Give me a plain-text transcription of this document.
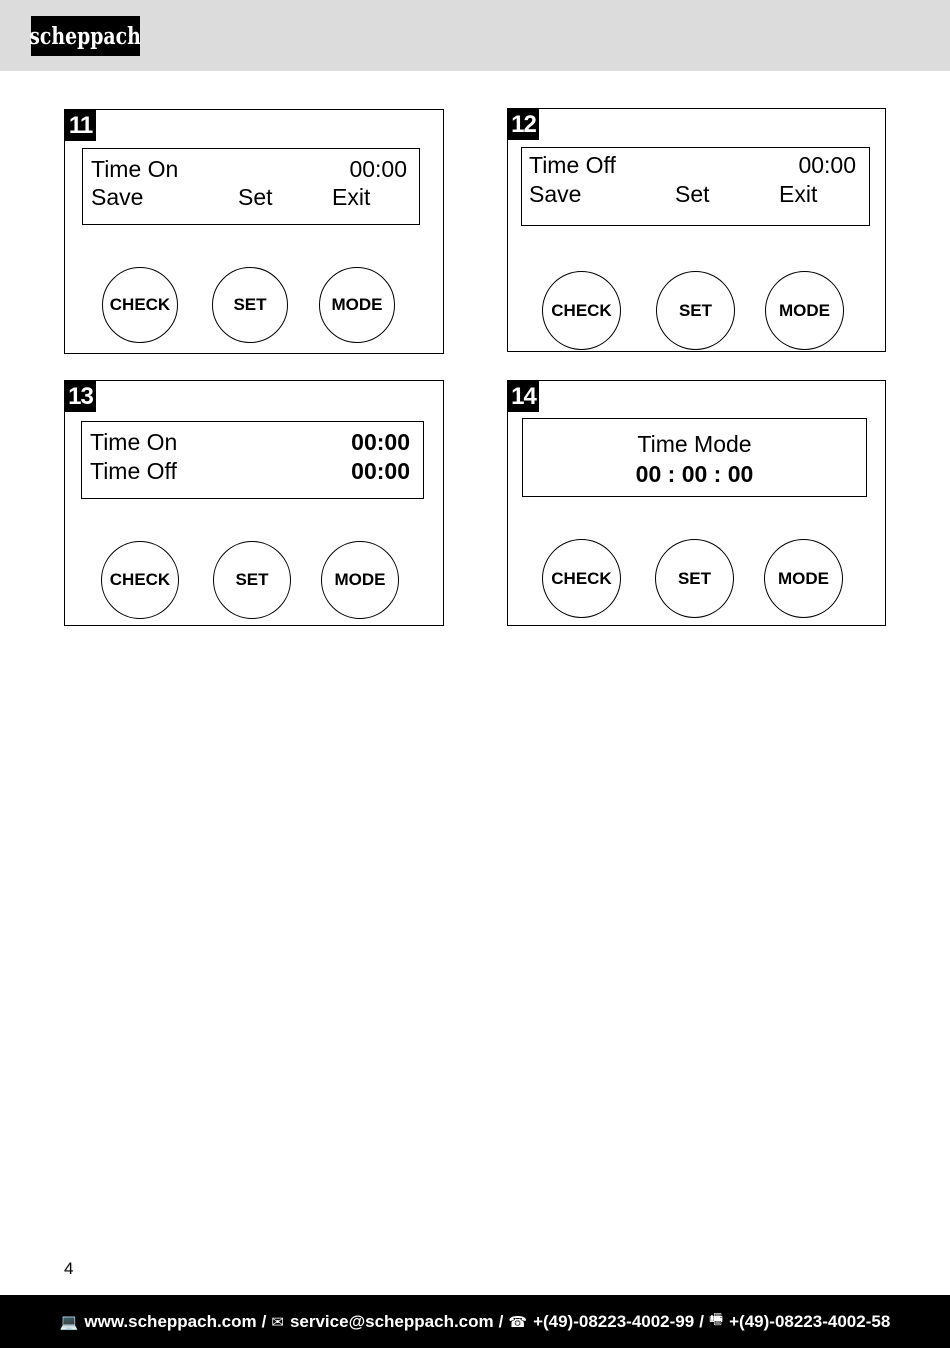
scheppach
11
Time On	00:00
Save	Set	Exit
CHECK	SET	MODE
12
Time Off	00:00
Save	Set	Exit
CHECK	SET	MODE
13
Time On	00:00
Time Off	00:00
CHECK	SET	MODE
14
Time Mode
00 : 00 : 00
CHECK	SET	MODE
4
💻 www.scheppach.com / ✉ service@scheppach.com / ☎ +(49)-08223-4002-99 / 🖷 +(49)-08223-4002-58
